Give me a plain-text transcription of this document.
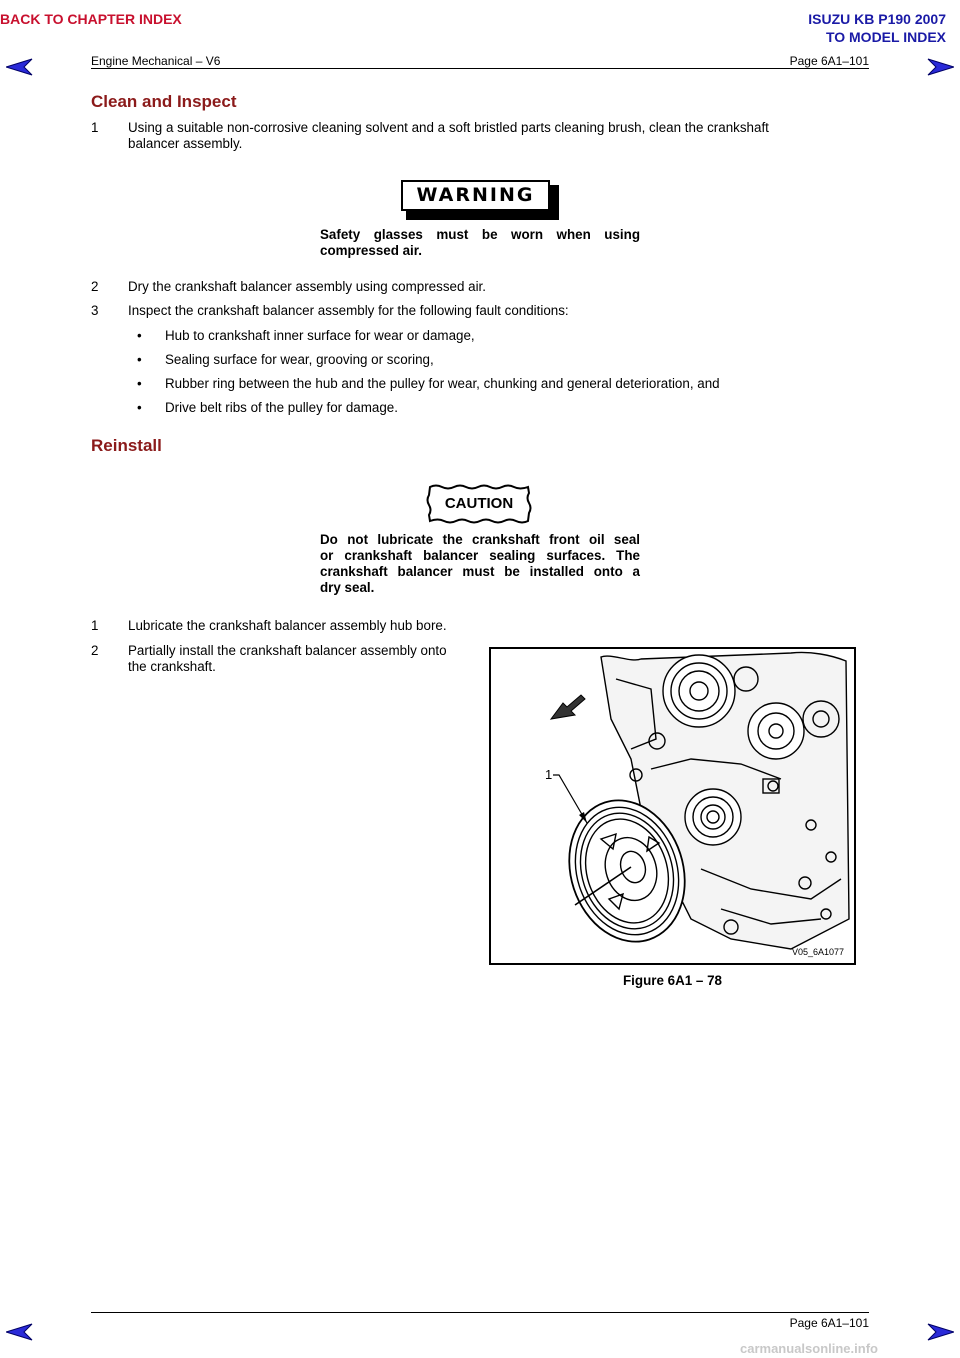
BACK TO CHAPTER INDEX	ISUZU KB P190 2007
TO MODEL INDEX
Engine Mechanical – V6	Page 6A1–101
Clean and Inspect
1 Using a suitable non-corrosive cleaning solvent and a soft bristled parts cleaning brush, clean the crankshaft
balancer assembly.
WARNING
Safety glasses must be worn when using
compressed air.
2 Dry the crankshaft balancer assembly using compressed air.
3 Inspect the crankshaft balancer assembly for the following fault conditions:
• Hub to crankshaft inner surface for wear or damage,
• Sealing surface for wear, grooving or scoring,
• Rubber ring between the hub and the pulley for wear, chunking and general deterioration, and
• Drive belt ribs of the pulley for damage.
Reinstall
CAUTION
Do not lubricate the crankshaft front oil seal
or crankshaft balancer sealing surfaces. The
crankshaft balancer must be installed onto a
dry seal.
1 Lubricate the crankshaft balancer assembly hub bore.
2 Partially install the crankshaft balancer assembly onto
the crankshaft.
1
V05_6A1077
Figure 6A1 – 78
Page 6A1–101
carmanualsonline.info
